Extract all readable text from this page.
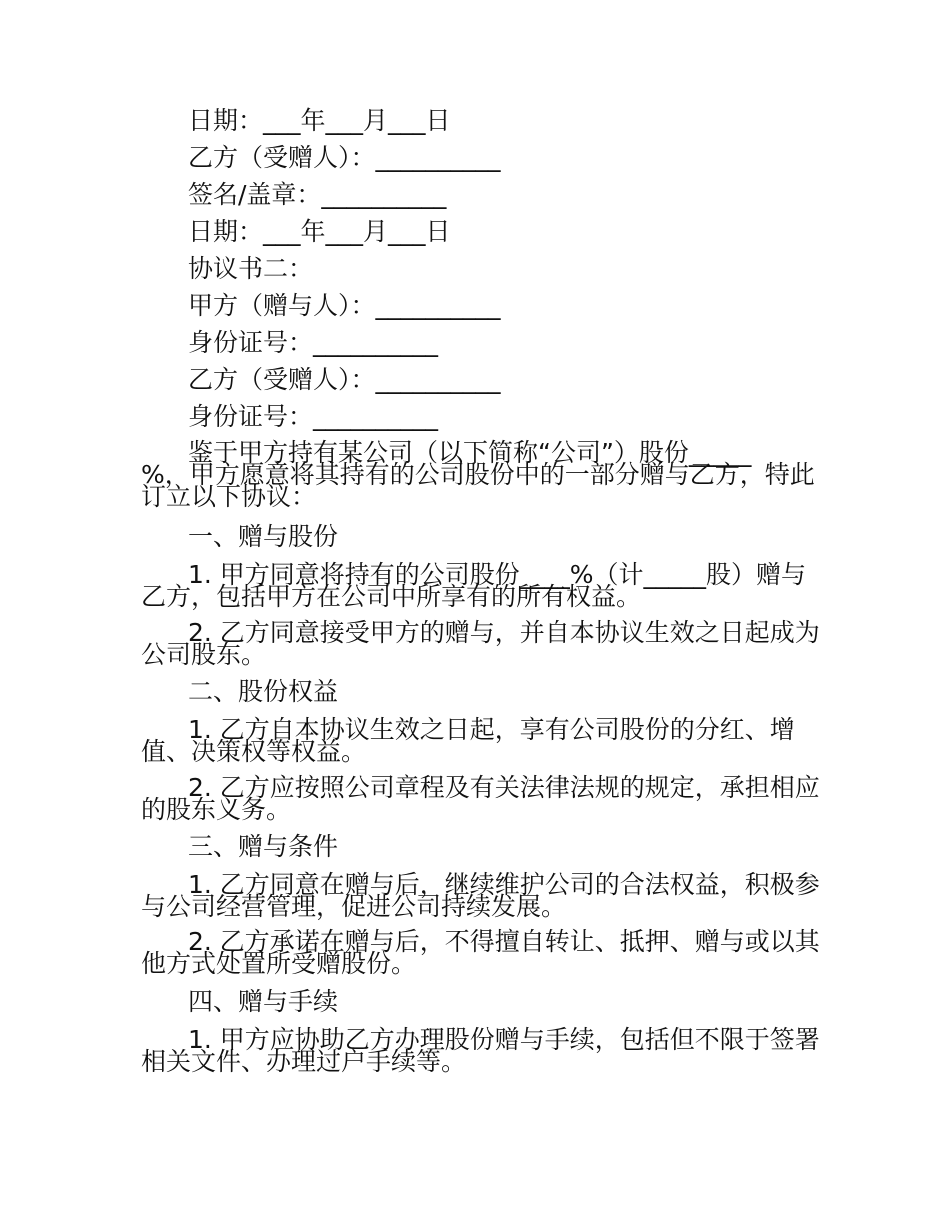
日期：___年___月___日
乙方（受赠人）：__________
签名/盖章：__________
日期：___年___月___日
协议书二：
甲方（赠与人）：__________
身份证号：__________
乙方（受赠人）：__________
身份证号：__________
鉴于甲方持有某公司（以下简称“公司”）股份_____
%，甲方愿意将其持有的公司股份中的一部分赠与乙方，特此
订立以下协议：
一、赠与股份
1. 甲方同意将持有的公司股份____%（计_____股）赠与
乙方，包括甲方在公司中所享有的所有权益。
2. 乙方同意接受甲方的赠与，并自本协议生效之日起成为
公司股东。
二、股份权益
1. 乙方自本协议生效之日起，享有公司股份的分红、增
值、决策权等权益。
2. 乙方应按照公司章程及有关法律法规的规定，承担相应
的股东义务。
三、赠与条件
1. 乙方同意在赠与后，继续维护公司的合法权益，积极参
与公司经营管理，促进公司持续发展。
2. 乙方承诺在赠与后，不得擅自转让、抵押、赠与或以其
他方式处置所受赠股份。
四、赠与手续
1. 甲方应协助乙方办理股份赠与手续，包括但不限于签署
相关文件、办理过户手续等。
